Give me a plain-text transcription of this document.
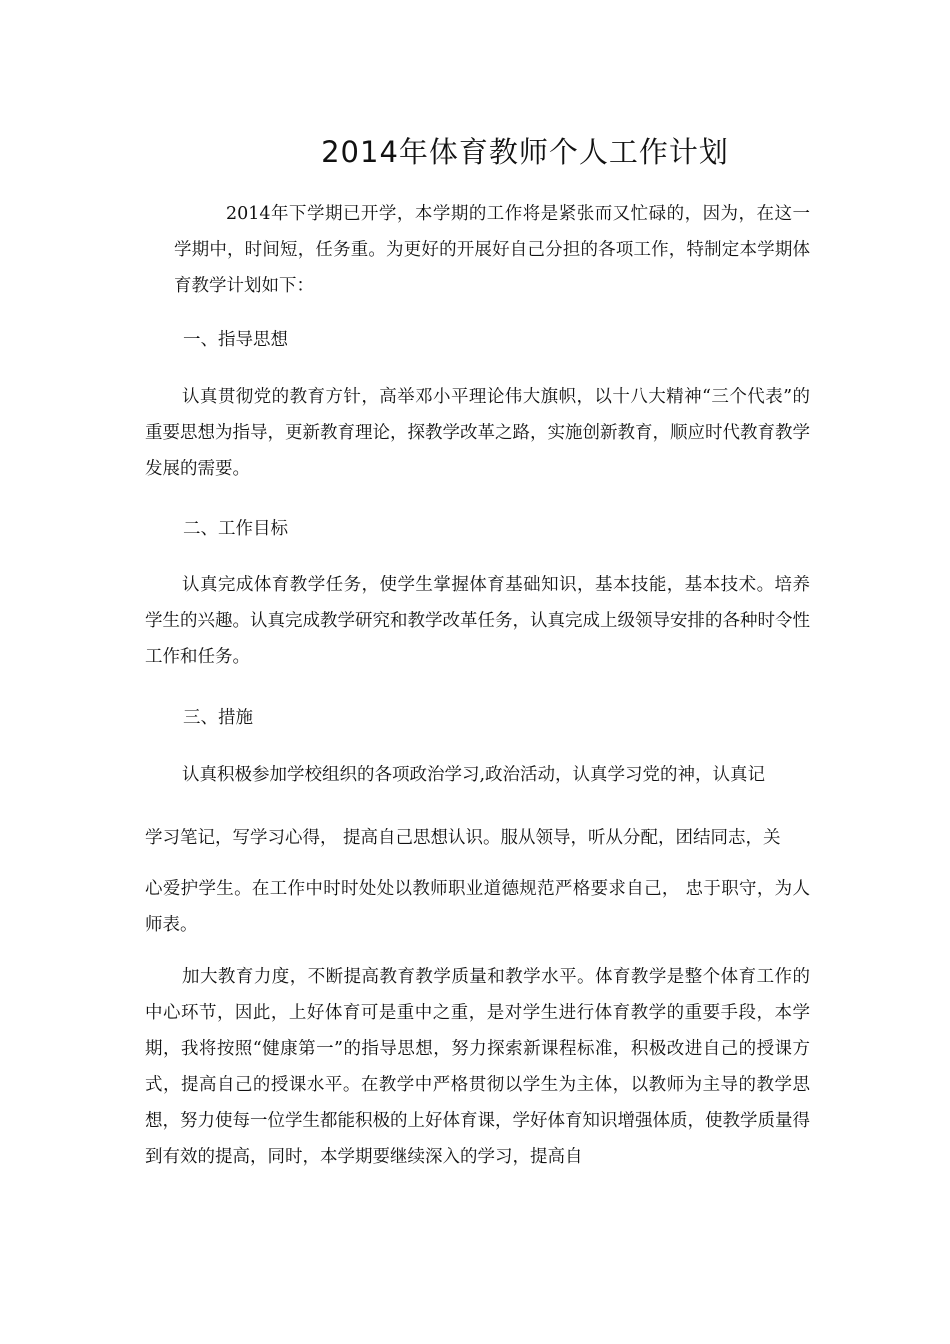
2014年体育教师个人工作计划

2014年下学期已开学，本学期的工作将是紧张而又忙碌的，因为，在这一学期中，时间短，任务重。为更好的开展好自己分担的各项工作，特制定本学期体育教学计划如下：

一、指导思想

认真贯彻党的教育方针，高举邓小平理论伟大旗帜，以十八大精神“三个代表”的重要思想为指导，更新教育理论，探教学改革之路，实施创新教育，顺应时代教育教学发展的需要。

二、工作目标

认真完成体育教学任务，使学生掌握体育基础知识，基本技能，基本技术。培养学生的兴趣。认真完成教学研究和教学改革任务，认真完成上级领导安排的各种时令性工作和任务。

三、措施

认真积极参加学校组织的各项政治学习,政治活动，认真学习党的神，认真记

学习笔记，写学习心得， 提高自己思想认识。服从领导，听从分配，团结同志，关

心爱护学生。在工作中时时处处以教师职业道德规范严格要求自己， 忠于职守，为人师表。

加大教育力度，不断提高教育教学质量和教学水平。体育教学是整个体育工作的中心环节，因此，上好体育可是重中之重，是对学生进行体育教学的重要手段，本学期，我将按照“健康第一”的指导思想，努力探索新课程标准，积极改进自己的授课方式，提高自己的授课水平。在教学中严格贯彻以学生为主体，以教师为主导的教学思想，努力使每一位学生都能积极的上好体育课，学好体育知识增强体质，使教学质量得到有效的提高，同时，本学期要继续深入的学习，提高自
